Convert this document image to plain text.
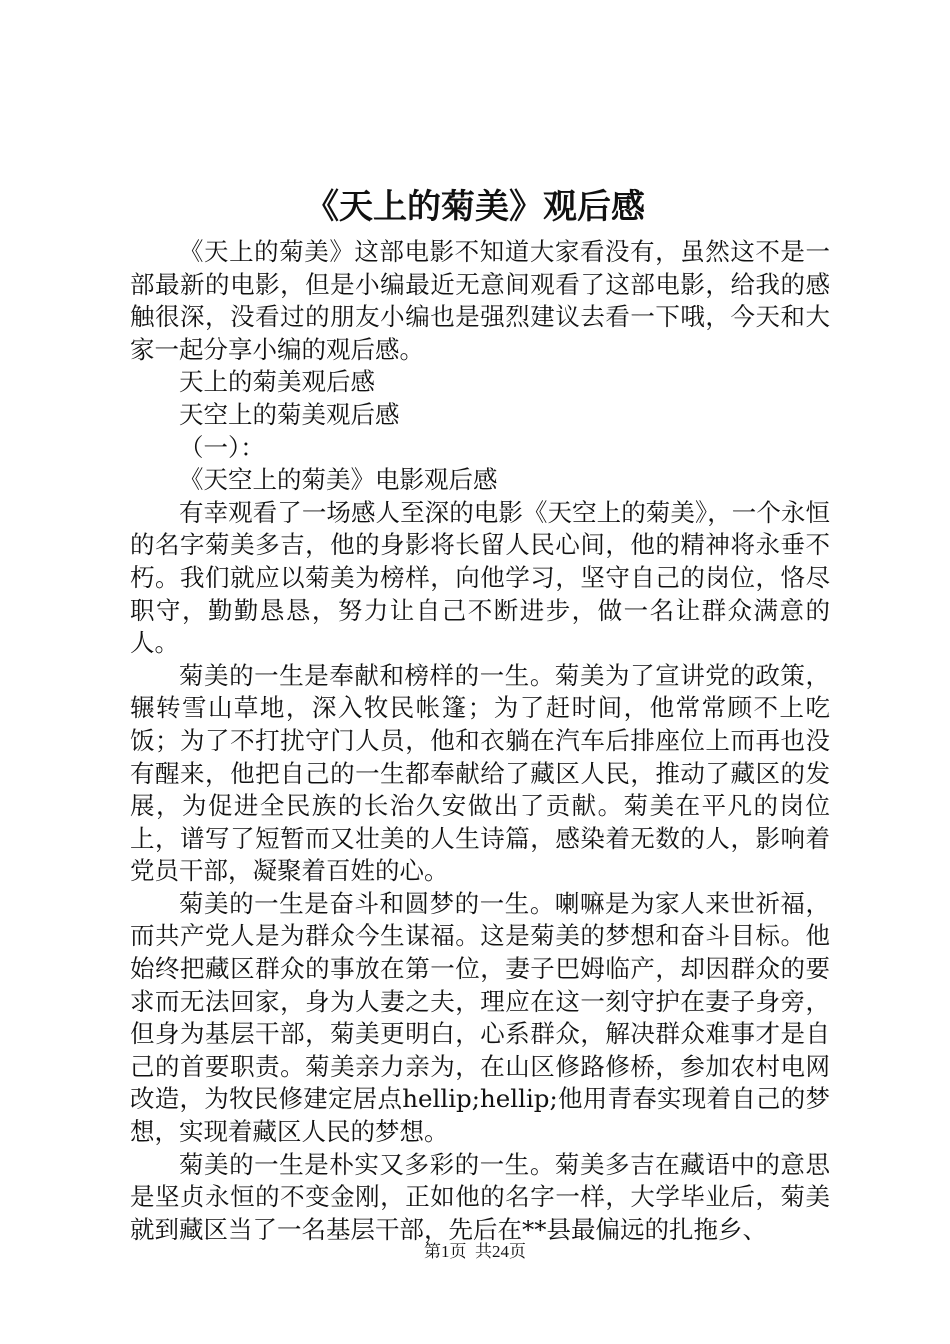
《天上的菊美》观后感

《天上的菊美》这部电影不知道大家看没有，虽然这不是一部最新的电影，但是小编最近无意间观看了这部电影，给我的感触很深，没看过的朋友小编也是强烈建议去看一下哦，今天和大家一起分享小编的观后感。

天上的菊美观后感

天空上的菊美观后感

（一）：

《天空上的菊美》电影观后感

有幸观看了一场感人至深的电影《天空上的菊美》，一个永恒的名字菊美多吉，他的身影将长留人民心间，他的精神将永垂不朽。我们就应以菊美为榜样，向他学习，坚守自己的岗位，恪尽职守，勤勤恳恳，努力让自己不断进步，做一名让群众满意的人。

菊美的一生是奉献和榜样的一生。菊美为了宣讲党的政策，辗转雪山草地，深入牧民帐篷；为了赶时间，他常常顾不上吃饭；为了不打扰守门人员，他和衣躺在汽车后排座位上而再也没有醒来，他把自己的一生都奉献给了藏区人民，推动了藏区的发展，为促进全民族的长治久安做出了贡献。菊美在平凡的岗位上，谱写了短暂而又壮美的人生诗篇，感染着无数的人，影响着党员干部，凝聚着百姓的心。

菊美的一生是奋斗和圆梦的一生。喇嘛是为家人来世祈福，而共产党人是为群众今生谋福。这是菊美的梦想和奋斗目标。他始终把藏区群众的事放在第一位，妻子巴姆临产，却因群众的要求而无法回家，身为人妻之夫，理应在这一刻守护在妻子身旁，但身为基层干部，菊美更明白，心系群众，解决群众难事才是自己的首要职责。菊美亲力亲为，在山区修路修桥，参加农村电网改造，为牧民修建定居点hellip;hellip;他用青春实现着自己的梦想，实现着藏区人民的梦想。

菊美的一生是朴实又多彩的一生。菊美多吉在藏语中的意思是坚贞永恒的不变金刚，正如他的名字一样，大学毕业后，菊美就到藏区当了一名基层干部，先后在**县最偏远的扎拖乡、

第1页 共24页
